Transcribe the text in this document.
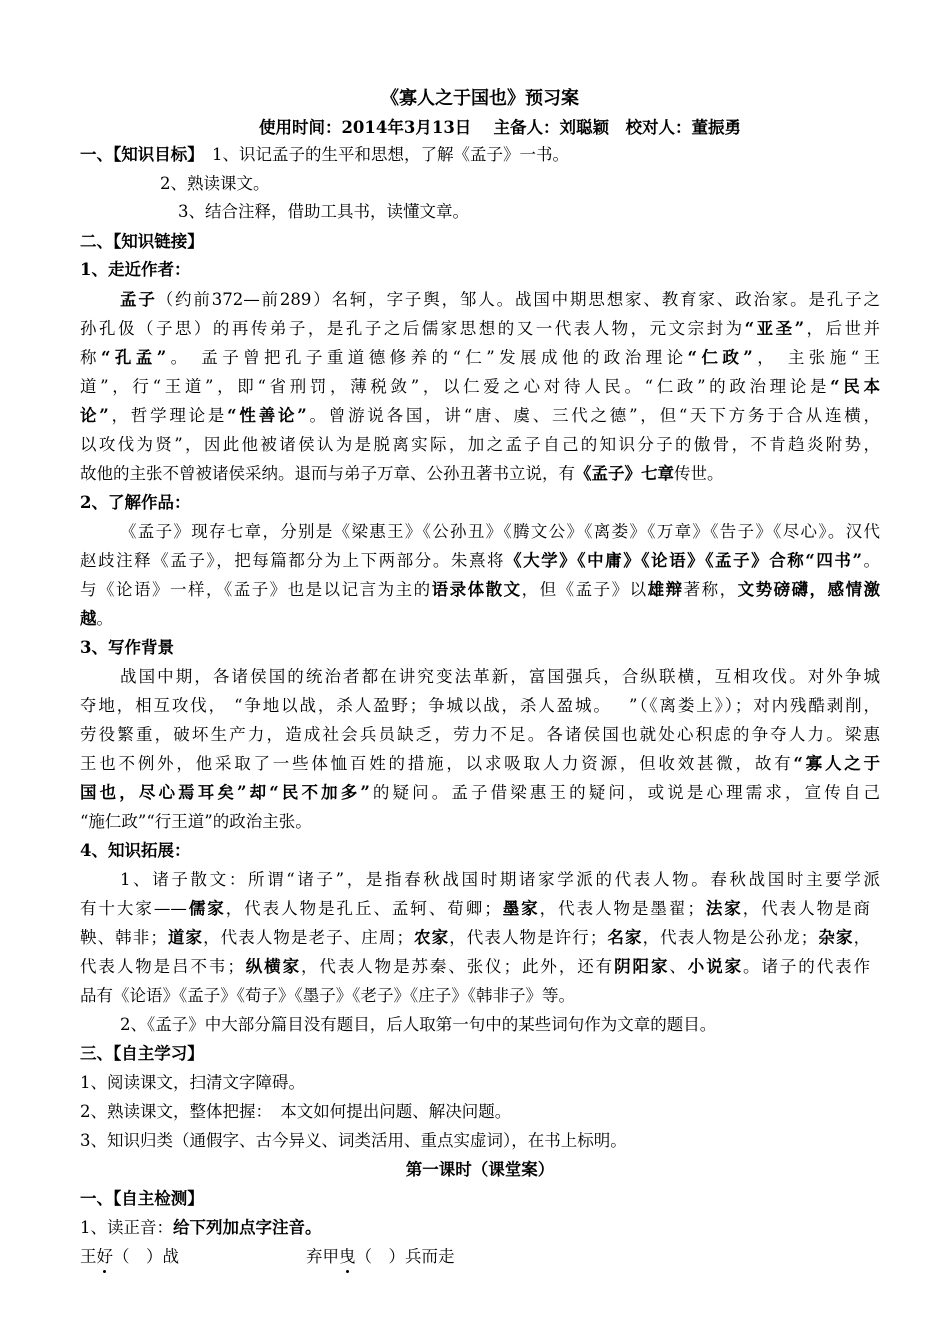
《寡人之于国也》预习案
使用时间：2014年3月13日　 主备人：刘聪颖　校对人：董振勇
一、【知识目标】　 1、识记孟子的生平和思想，了解《孟子》一书。
2、熟读课文。
3、结合注释，借助工具书，读懂文章。
二、【知识链接】
1、走近作者：
孟子（约前372—前289）名轲，字子舆，邹人。战国中期思想家、教育家、政治家。是孔子之
孙孔伋（子思）的再传弟子，是孔子之后儒家思想的又一代表人物，元文宗封为“亚圣”，后世并
称“孔孟”。 孟子曾把孔子重道德修养的“仁”发展成他的政治理论“仁政”， 主张施“王
道”，行“王道”，即“省刑罚，薄税敛”，以仁爱之心对待人民。“仁政”的政治理论是“民本
论”，哲学理论是“性善论”。曾游说各国，讲“唐、虞、三代之德”，但“天下方务于合从连横，
以攻伐为贤”，因此他被诸侯认为是脱离实际，加之孟子自己的知识分子的傲骨，不肯趋炎附势，
故他的主张不曾被诸侯采纳。退而与弟子万章、公孙丑著书立说，有《孟子》七章传世。
2、了解作品：
《孟子》现存七章，分别是《梁惠王》《公孙丑》《腾文公》《离娄》《万章》《告子》《尽心》。汉代
赵歧注释《孟子》，把每篇都分为上下两部分。朱熹将《大学》《中庸》《论语》《孟子》合称“四书”。
与《论语》一样，《孟子》也是以记言为主的语录体散文，但《孟子》以雄辩著称，文势磅礴，感情激
越。
3、写作背景
战国中期，各诸侯国的统治者都在讲究变法革新，富国强兵，合纵联横，互相攻伐。对外争城
夺地，相互攻伐， “争地以战，杀人盈野；争城以战，杀人盈城。　 ”（《离娄上》）；对内残酷剥削，
劳役繁重，破坏生产力，造成社会兵员缺乏，劳力不足。各诸侯国也就处心积虑的争夺人力。梁惠
王也不例外，他采取了一些体恤百姓的措施，以求吸取人力资源，但收效甚微，故有“寡人之于
国也，尽心焉耳矣”却“民不加多”的疑问。孟子借梁惠王的疑问，或说是心理需求，宣传自己
“施仁政”“行王道”的政治主张。
4、知识拓展：
1、诸子散文：所谓“诸子”，是指春秋战国时期诸家学派的代表人物。春秋战国时主要学派
有十大家——儒家，代表人物是孔丘、孟轲、荀卿；墨家，代表人物是墨翟；法家，代表人物是商
鞅、韩非；道家，代表人物是老子、庄周；农家，代表人物是许行；名家，代表人物是公孙龙；杂家，
代表人物是吕不韦；纵横家，代表人物是苏秦、张仪；此外，还有阴阳家、小说家。诸子的代表作
品有《论语》《孟子》《荀子》《墨子》《老子》《庄子》《韩非子》等。
2、《孟子》中大部分篇目没有题目，后人取第一句中的某些词句作为文章的题目。
三、【自主学习】
1、阅读课文，扫清文字障碍。
2、熟读课文，整体把握：　本文如何提出问题、解决问题。
3、知识归类（通假字、古今异义、词类活用、重点实虚词），在书上标明。
第一课时（课堂案）
一、【自主检测】
1、读正音：给下列加点字注音。
王好（　）战	弃甲曳（　）兵而走
